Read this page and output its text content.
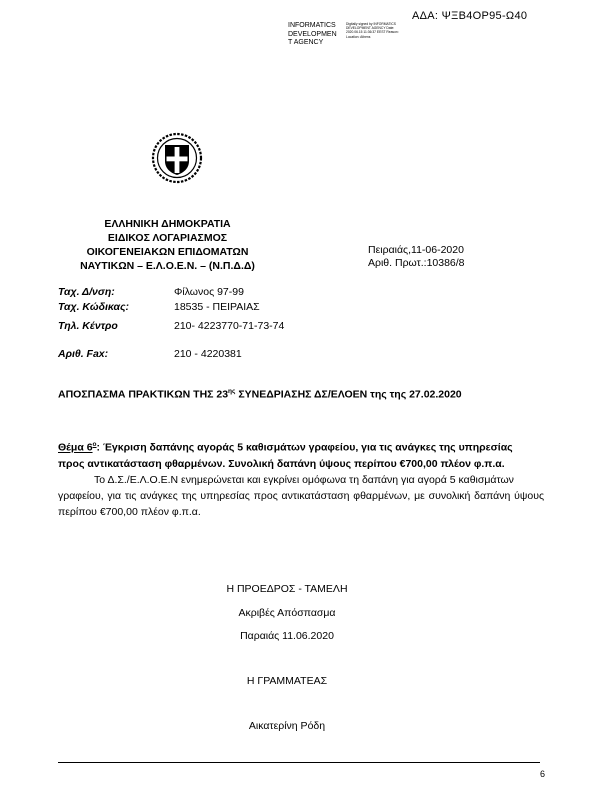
ΑΔΑ: ΨΞΒ4ΟΡ95-Ω40
INFORMATICS
DEVELOPMEN
T AGENCY
Digitally signed by INFORMATICS DEVELOPMENT AGENCY Date: 2020.06.15 11:36:37 EEST Reason: Location: Athens
ΕΛΛΗΝΙΚΗ ΔΗΜΟΚΡΑΤΙΑ
ΕΙΔΙΚΟΣ ΛΟΓΑΡΙΑΣΜΟΣ
ΟΙΚΟΓΕΝΕΙΑΚΩΝ ΕΠΙΔΟΜΑΤΩΝ
ΝΑΥΤΙΚΩΝ – Ε.Λ.Ο.Ε.Ν. – (Ν.Π.Δ.Δ)
Πειραιάς,11-06-2020
Αριθ. Πρωτ.:10386/8
Ταχ. Δ/νση:	Φίλωνος 97-99
Ταχ. Κώδικας:	18535 - ΠΕΙΡΑΙΑΣ
Τηλ. Κέντρο	210- 4223770-71-73-74
Αριθ. Fax:	210 - 4220381
ΑΠΟΣΠΑΣΜΑ ΠΡΑΚΤΙΚΩΝ ΤΗΣ $23^{\eta\varsigma}$ ΣΥΝΕΔΡΙΑΣΗΣ ΔΣ/ΕΛΟΕΝ της της 27.02.2020
Θέμα $6^o$: Έγκριση δαπάνης αγοράς 5 καθισμάτων γραφείου, για τις ανάγκες της υπηρεσίας προς αντικατάσταση φθαρμένων. Συνολική δαπάνη ύψους περίπου €700,00 πλέον φ.π.α.
Το Δ.Σ./Ε.Λ.Ο.Ε.Ν ενημερώνεται και εγκρίνει ομόφωνα τη δαπάνη για αγορά 5 καθισμάτων
γραφείου, για τις ανάγκες της υπηρεσίας προς αντικατάσταση φθαρμένων, με συνολική δαπάνη ύψους περίπου €700,00 πλέον φ.π.α.
Η ΠΡΟΕΔΡΟΣ - ΤΑΜΕΛΗ
Ακριβές Απόσπασμα
Παραιάς 11.06.2020
Η ΓΡΑΜΜΑΤΕΑΣ
Αικατερίνη Ρόδη
6
